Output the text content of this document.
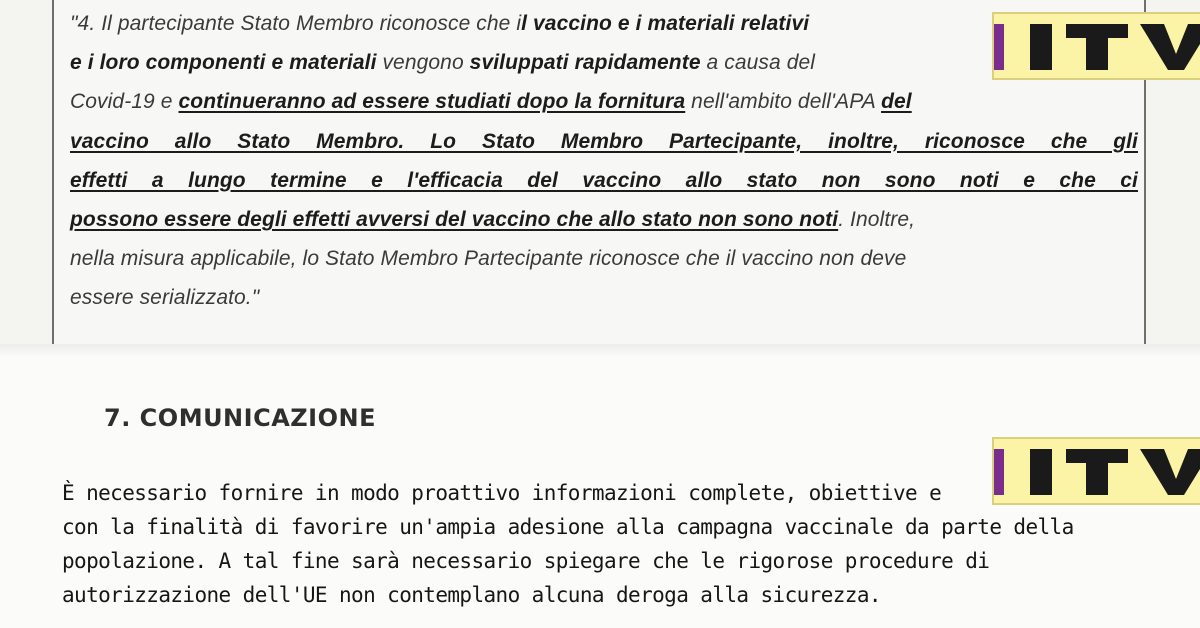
"4. Il partecipante Stato Membro riconosce che il vaccino e i materiali relativi
e i loro componenti e materiali vengono sviluppati rapidamente a causa del
Covid-19 e continueranno ad essere studiati dopo la fornitura nell'ambito dell'APA del
vaccino allo Stato Membro. Lo Stato Membro Partecipante, inoltre, riconosce che gli
effetti a lungo termine e l'efficacia del vaccino allo stato non sono noti e che ci
possono essere degli effetti avversi del vaccino che allo stato non sono noti. Inoltre,
nella misura applicabile, lo Stato Membro Partecipante riconosce che il vaccino non deve
essere serializzato."

7. COMUNICAZIONE

È necessario fornire in modo proattivo informazioni complete, obiettive e
con la finalità di favorire un'ampia adesione alla campagna vaccinale da parte della
popolazione. A tal fine sarà necessario spiegare che le rigorose procedure di
autorizzazione dell'UE non contemplano alcuna deroga alla sicurezza.
